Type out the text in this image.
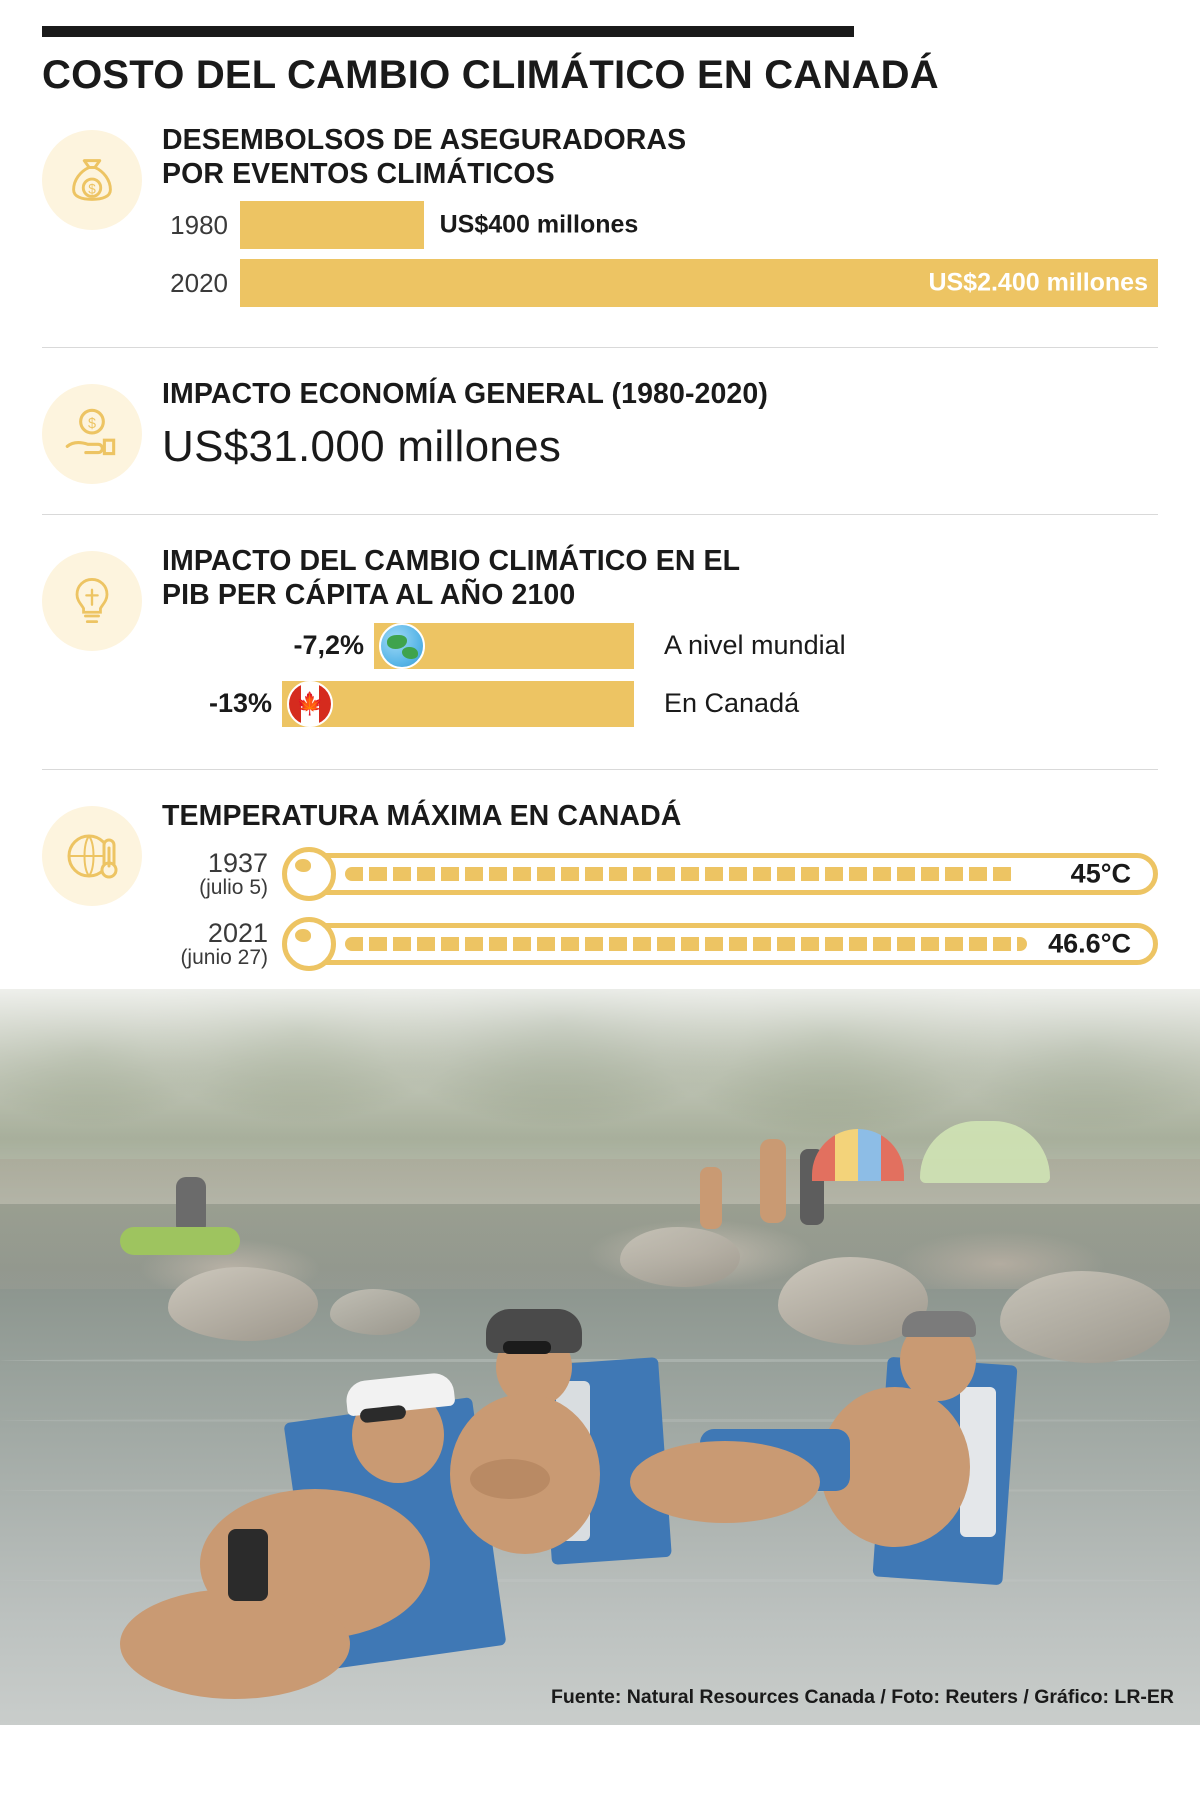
COSTO DEL CAMBIO CLIMÁTICO EN CANADÁ
$
DESEMBOLSOS DE ASEGURADORAS
POR EVENTOS CLIMÁTICOS
1980	US$400 millones
2020	US$2.400 millones
$
IMPACTO ECONOMÍA GENERAL (1980-2020)
US$31.000 millones
IMPACTO DEL CAMBIO CLIMÁTICO EN EL
PIB PER CÁPITA AL AÑO 2100
-7,2%	A nivel mundial
-13%	🍁	En Canadá
TEMPERATURA MÁXIMA EN CANADÁ
1937
(julio 5)	45°C
2021
(junio 27)	46.6°C
Fuente: Natural Resources Canada / Foto: Reuters / Gráfico: LR-ER
